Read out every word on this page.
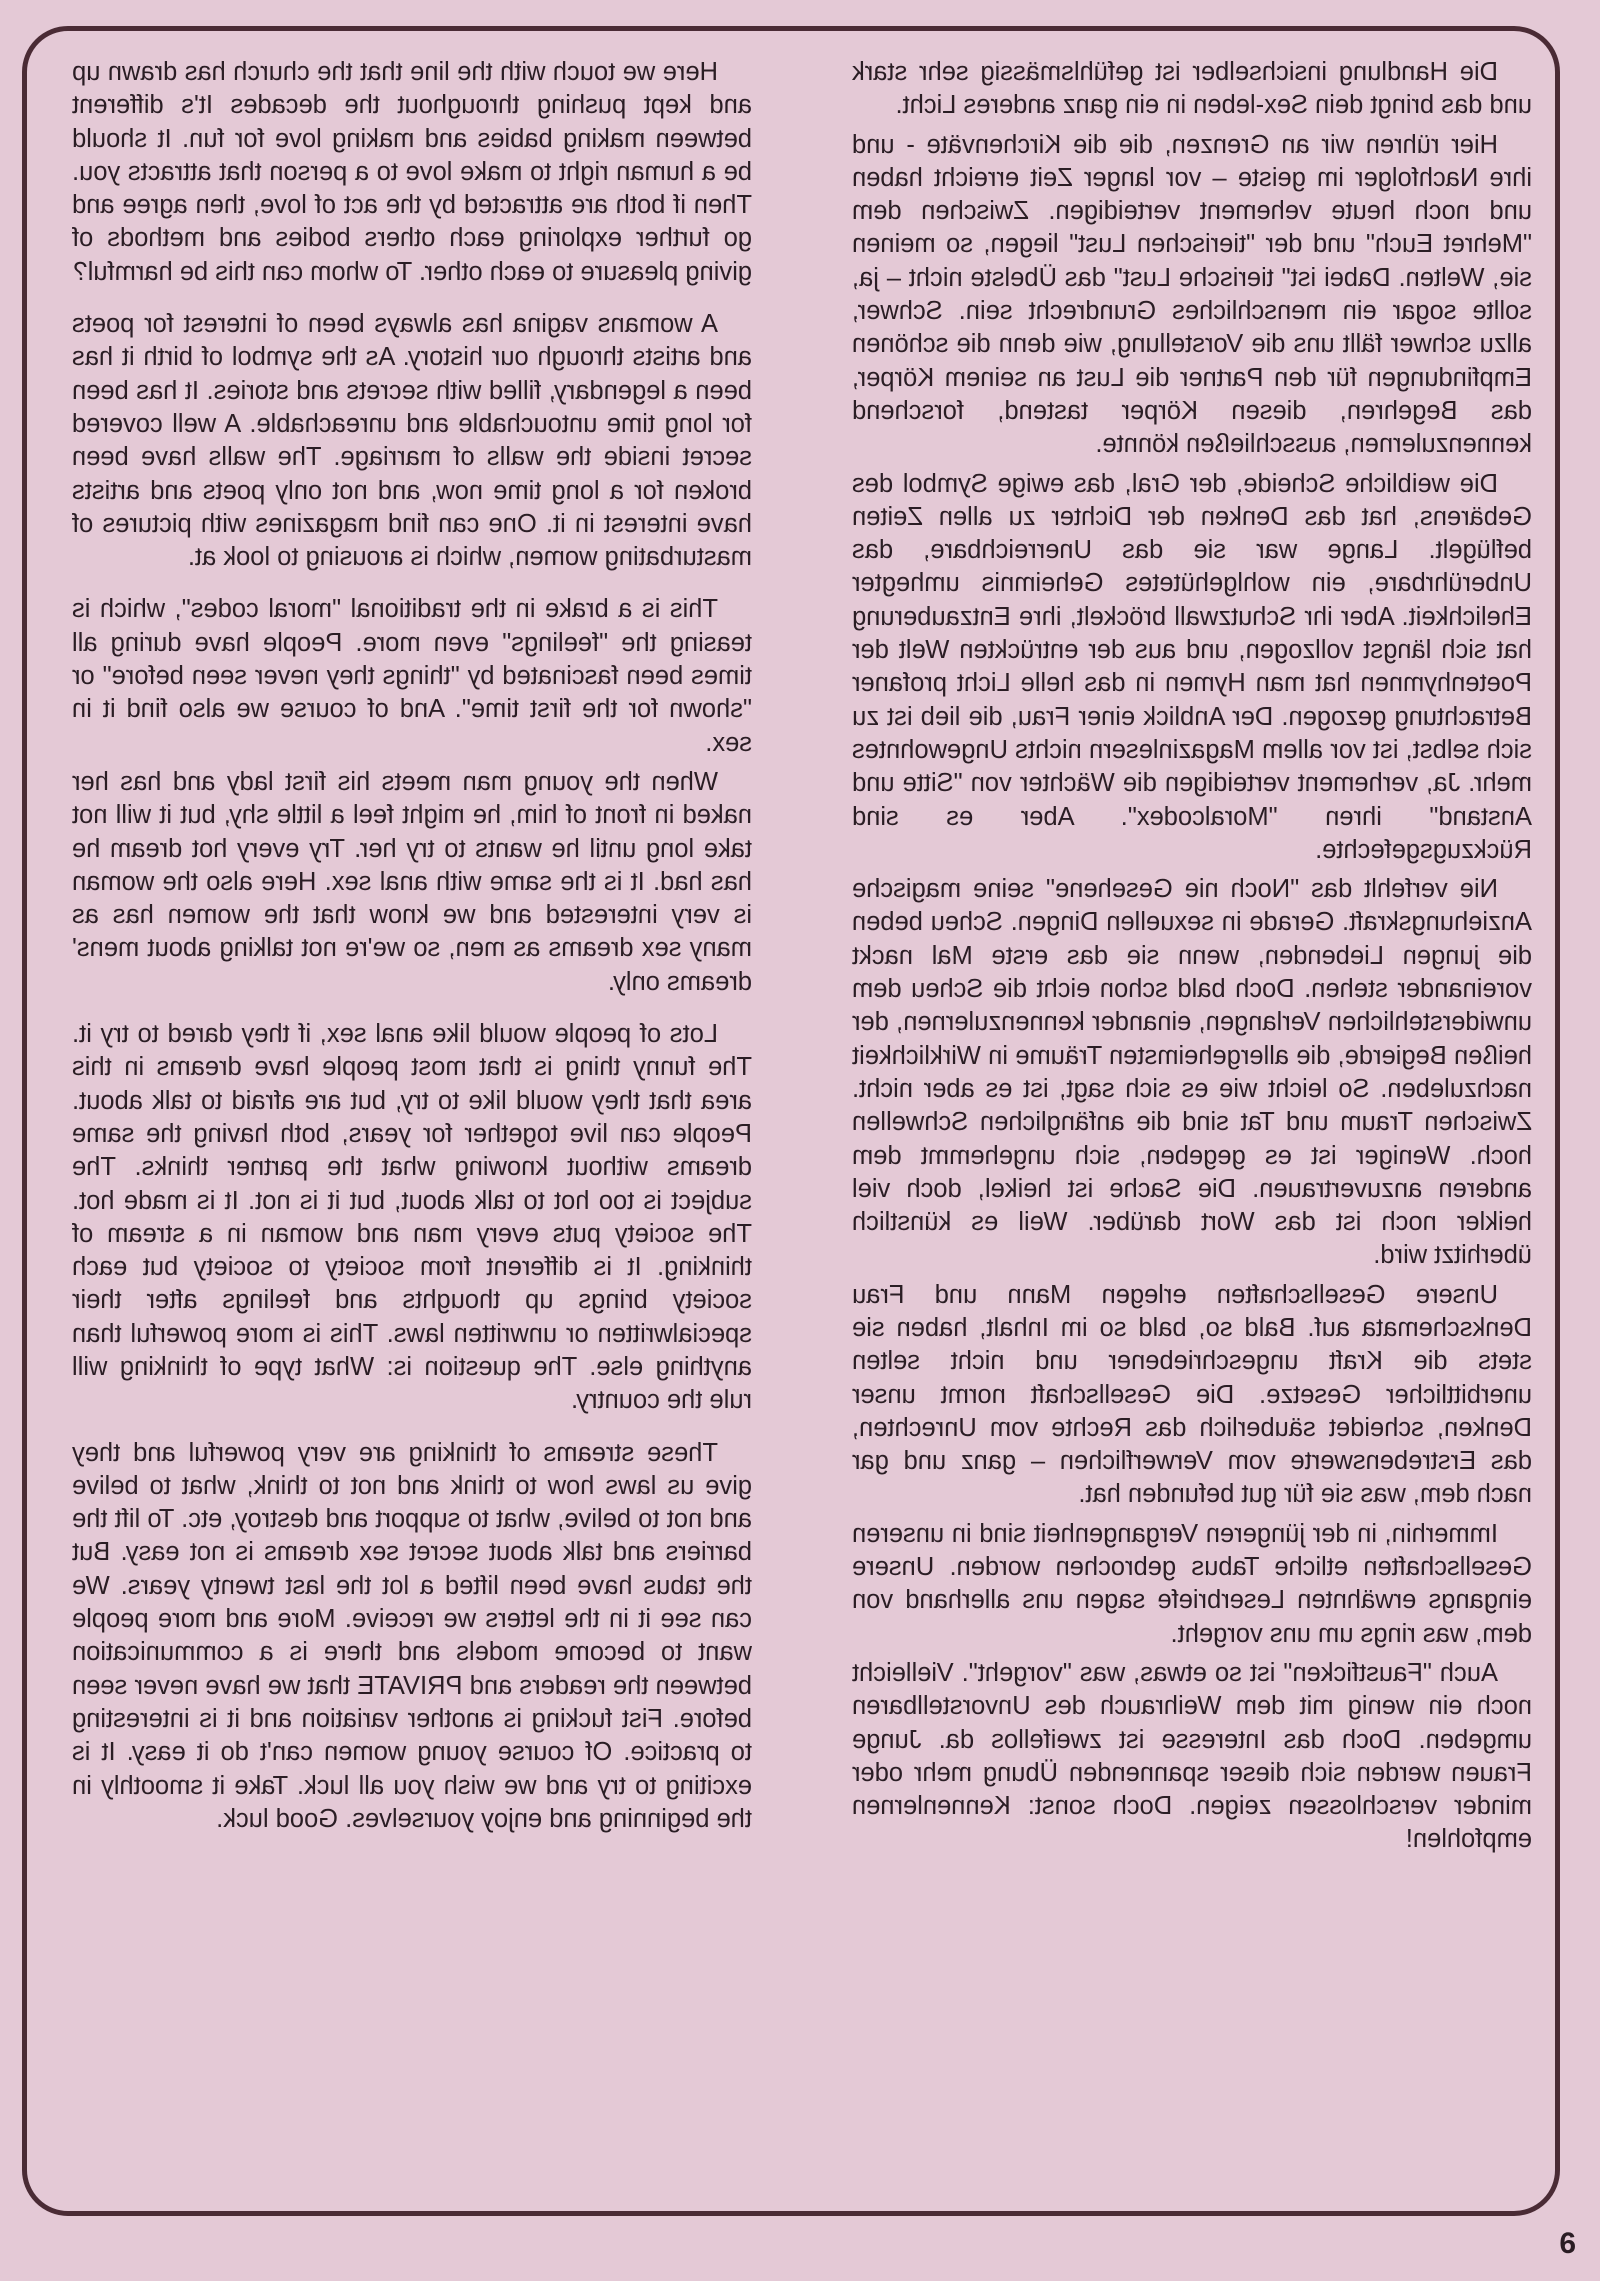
Die Handlung insichselber ist gefühlsmässig sehr stark und das bringt dein Sex-leben in ein ganz anderes Licht.

Hier rühren wir an Grenzen, die die Kirchenväte - und ihre Nachfolger im geiste – vor langer Zeit erreicht haben und noch heute vehement verteidigen. Zwischen dem "Mehret Euch" und der "tierischen Lust" liegen, so meinen sie, Welten. Dabei ist" tierische Lust" das Übelste nicht – ja, sollte sogar ein menschliches Grundrecht sein. Schwer, allzu schwer fällt uns die Vorstellung, wie denn die schönen Empfindungen für den Partner die Lust an seinem Körper, das Begehren, diesen Körper tastend, forschend kennenzulernen, ausschließen könnte.

Die weibliche Scheide, der Gral, das ewige Symbol des Gebärens, hat das Denken der Dichter zu allen Zeiten beflügelt. Lange war sie das Unerreichbare, das Unberührbare, ein wohlgehütetes Geheimnis umhegter Ehelichkeit. Aber ihr Schutzwall bröckelt, ihre Entzauberung hat sich längst vollzogen, und aus der entrückten Welt der Poetenhymnen hat man Hymen in das helle Licht profaner Betrachtung gezogen. Der Anblick einer Frau, die lieb ist zu sich selbst, ist vor allem Magazinlesern nichts Ungewohntes mehr. Ja, verhement verteidigen die Wächter von "Sitte und Anstand" ihren "Moralcodex". Aber es sind Rückzugsgefechte.

Nie verfehlt das "Noch nie Gesehene" seine magische Anziehungskraft. Gerade in sexuellen Dingen. Scheu beben die jungen Liebenden, wenn sie das erste Mal nackt voreinander stehen. Doch bald schon eicht die Scheu dem unwiderstehlichen Verlangen, einander kennenzulernen, der heißen Begierde, die allergeheimsten Träume in Wirklichkeit nachzuleben. So leicht wie es sich sagt, ist es aber nicht. Zwischen Traum und Tat sind die anfänglichen Schwellen hoch. Weniger ist es gegeben, sich ungehemmt dem anderen anzuvertrauen. Die Sache ist heikel, doch viel heikler noch ist das Wort darüber. Weil es künstlich überhitzt wird.

Unsere Gesellschaften erlegen Mann und Frau Denkschemata auf. Bald so, bald so im Inhalt, haben sie stets die Kraft ungeschriebener und nicht selten unerbittlicher Gesetze. Die Gesellschaft normt unser Denken, scheidet säuberlich das Rechte vom Unrechten, das Erstrebenswerte vom Verwerflichen – ganz und gar nach dem, was sie für gut befunden hat.

Immerhin, in der jüngeren Vergangenheit sind in unseren Gesellschaften etliche Tabus gebrochen worden. Unsere eingangs erwähnten Leserbriefe sagen uns allerhand von dem, was rings um uns vorgeht.

Auch "Faustficken" ist so etwas, was "vorgeht". Vielleicht noch ein wenig mit dem Weihrauch des Unvorstellbaren umgeben. Doch das Interesse ist zweifellos da. Junge Frauen werden sich dieser spannenden Übung mehr oder minder verschlossen zeigen. Doch sonst: Kennenlernen empfohlen!

Here we touch with the line that the church has drawn up and kept pushing throughout the decades It's different between making babies and making love for fun. It should be a human right to make love to a person that attracts you. Then if both are attracted by the act of love, then agree and go further exploring each others bodies and methods of giving pleasure to each other. To whom can this be harmful?

A womans vagina has always been of interest for poets and artists through our history. As the symbol of birth it has been a legendary, filled with secrets and stories. It has been for long time untouchable and unreachable. A well covered secret inside the walls of marriage. The walls have been broken for a long time now, and not only poets and artists have interest in it. One can find magazines with pictures of masturbating women, which is arousing to look at.

This is a brake in the traditional "moral codes", which is teasing the "feelings" even more. People have during all times been fascinated by "things they never seen before" or "shown for the first time". And of course we also find it in sex.

When the young man meets his first lady and has her naked in front of him, he might feel a little shy, but it will not take long until he wants to try her. Try every hot dream he has had. It is the same with anal sex. Here also the woman is very interested and we know that the women has as many sex dreams as men, so we're not talking about mens' dreams only.

Lots of people would like anal sex, if they dared to try it. The funny thing is that most people have dreams in this area that they would like to try, but are afraid to talk about. People can live together for years, both having the same dreams without knowing what the partner thinks. The subject is too hot to talk about, but it is not. It is made hot. The society puts every man and woman in a stream of thinking. It is different from society to society but each society brings up thoughts and feelings after their specialwritten or unwritten laws. This is more powerful than anything else. The question is: What type of thinking will rule the country.

These streams of thinking are very powerful and they give us laws how to think and not to think, what to belive and not to belive, what to support and destroy, etc. To lift the barriers and talk about secret sex dreams is not easy. But the tabus have been lifted a lot the last twenty years. We can see it in the letters we receive. More and more people want to become models and there is a communication between the readers and PRIVATE that we have never seen before. Fist fucking is another variation and it is interesting to practice. Of course young women can't do it easy. It is exciting to try and we wish you all luck. Take it smoothly in the beginning and enjoy yourselves. Good luck.

6
